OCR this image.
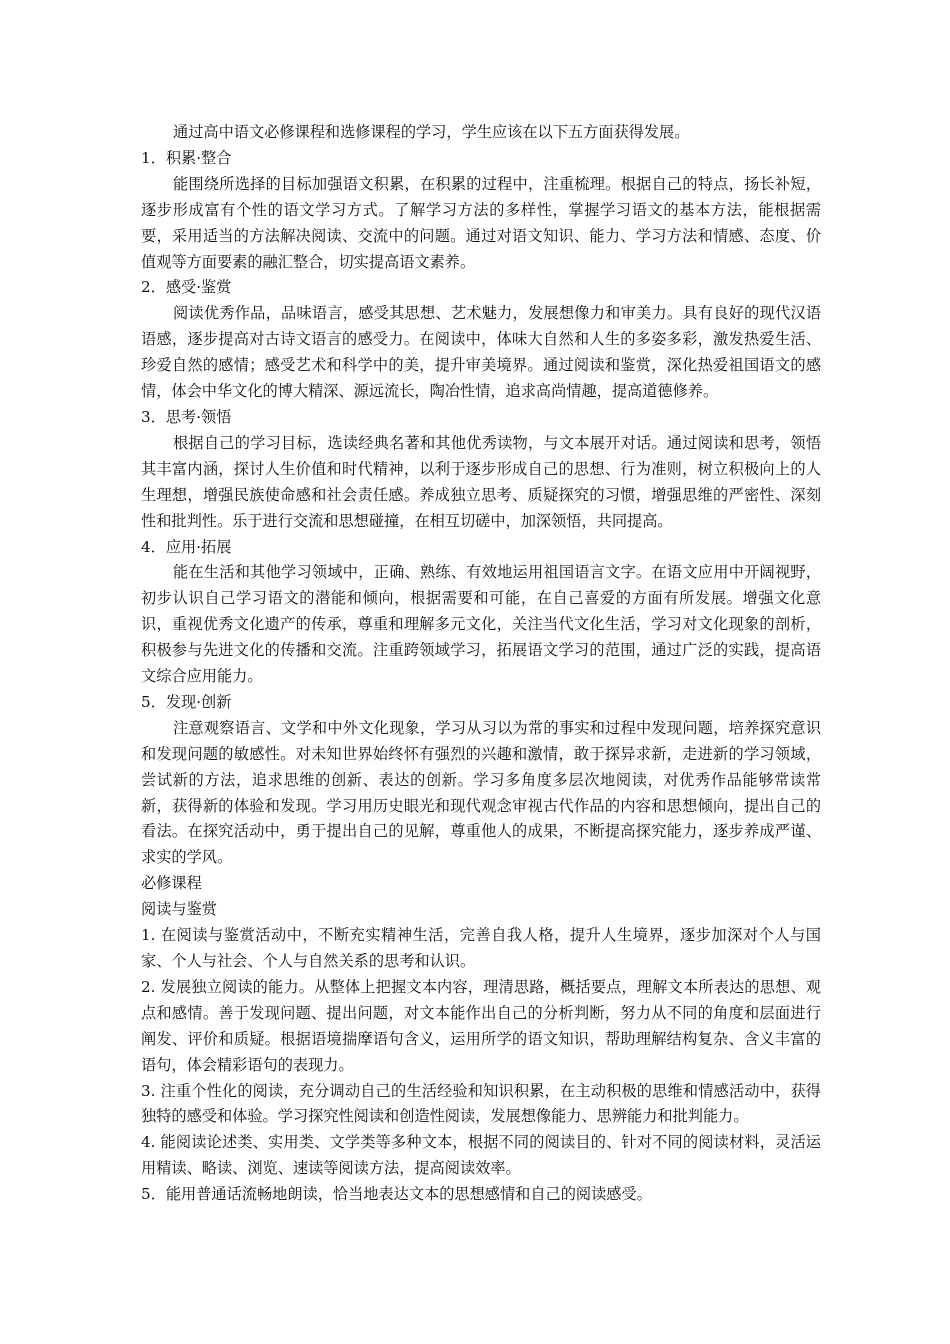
通过高中语文必修课程和选修课程的学习，学生应该在以下五方面获得发展。

1．积累·整合

能围绕所选择的目标加强语文积累，在积累的过程中，注重梳理。根据自己的特点，扬长补短，逐步形成富有个性的语文学习方式。了解学习方法的多样性，掌握学习语文的基本方法，能根据需要，采用适当的方法解决阅读、交流中的问题。通过对语文知识、能力、学习方法和情感、态度、价值观等方面要素的融汇整合，切实提高语文素养。

2．感受·鉴赏

阅读优秀作品，品味语言，感受其思想、艺术魅力，发展想像力和审美力。具有良好的现代汉语语感，逐步提高对古诗文语言的感受力。在阅读中，体味大自然和人生的多姿多彩，激发热爱生活、珍爱自然的感情；感受艺术和科学中的美，提升审美境界。通过阅读和鉴赏，深化热爱祖国语文的感情，体会中华文化的博大精深、源远流长，陶冶性情，追求高尚情趣，提高道德修养。

3．思考·领悟

根据自己的学习目标，选读经典名著和其他优秀读物，与文本展开对话。通过阅读和思考，领悟其丰富内涵，探讨人生价值和时代精神，以利于逐步形成自己的思想、行为准则，树立积极向上的人生理想，增强民族使命感和社会责任感。养成独立思考、质疑探究的习惯，增强思维的严密性、深刻性和批判性。乐于进行交流和思想碰撞，在相互切磋中，加深领悟，共同提高。

4．应用·拓展

能在生活和其他学习领域中，正确、熟练、有效地运用祖国语言文字。在语文应用中开阔视野，初步认识自己学习语文的潜能和倾向，根据需要和可能，在自己喜爱的方面有所发展。增强文化意识，重视优秀文化遗产的传承，尊重和理解多元文化，关注当代文化生活，学习对文化现象的剖析，积极参与先进文化的传播和交流。注重跨领域学习，拓展语文学习的范围，通过广泛的实践，提高语文综合应用能力。

5．发现·创新

注意观察语言、文学和中外文化现象，学习从习以为常的事实和过程中发现问题，培养探究意识和发现问题的敏感性。对未知世界始终怀有强烈的兴趣和激情，敢于探异求新，走进新的学习领域，尝试新的方法，追求思维的创新、表达的创新。学习多角度多层次地阅读，对优秀作品能够常读常新，获得新的体验和发现。学习用历史眼光和现代观念审视古代作品的内容和思想倾向，提出自己的看法。在探究活动中，勇于提出自己的见解，尊重他人的成果，不断提高探究能力，逐步养成严谨、求实的学风。

必修课程

阅读与鉴赏

1. 在阅读与鉴赏活动中，不断充实精神生活，完善自我人格，提升人生境界，逐步加深对个人与国家、个人与社会、个人与自然关系的思考和认识。

2. 发展独立阅读的能力。从整体上把握文本内容，理清思路，概括要点，理解文本所表达的思想、观点和感情。善于发现问题、提出问题，对文本能作出自己的分析判断，努力从不同的角度和层面进行阐发、评价和质疑。根据语境揣摩语句含义，运用所学的语文知识，帮助理解结构复杂、含义丰富的语句，体会精彩语句的表现力。

3. 注重个性化的阅读，充分调动自己的生活经验和知识积累，在主动积极的思维和情感活动中，获得独特的感受和体验。学习探究性阅读和创造性阅读，发展想像能力、思辨能力和批判能力。

4. 能阅读论述类、实用类、文学类等多种文本，根据不同的阅读目的、针对不同的阅读材料，灵活运用精读、略读、浏览、速读等阅读方法，提高阅读效率。

5．能用普通话流畅地朗读，恰当地表达文本的思想感情和自己的阅读感受。
